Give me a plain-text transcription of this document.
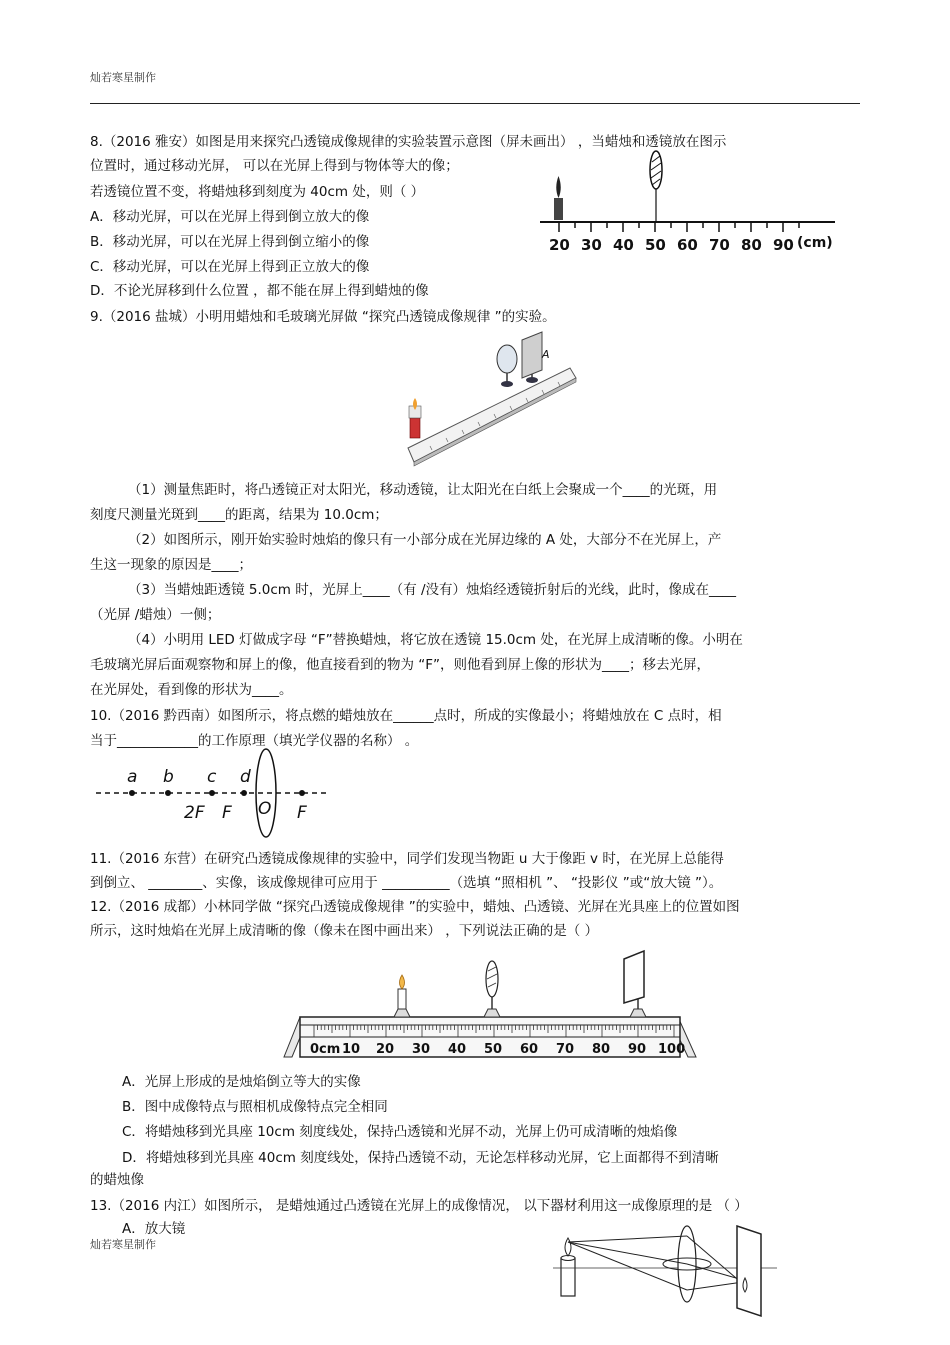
灿若寒星制作
8.（2016 雅安）如图是用来探究凸透镜成像规律的实验装置示意图（屏未画出） ，当蜡烛和透镜放在图示
位置时，通过移动光屏， 可以在光屏上得到与物体等大的像；
若透镜位置不变，将蜡烛移到刻度为 40cm 处，则（ ）
A．移动光屏，可以在光屏上得到倒立放大的像
B．移动光屏，可以在光屏上得到倒立缩小的像
C．移动光屏，可以在光屏上得到正立放大的像
D．不论光屏移到什么位置 ，都不能在屏上得到蜡烛的像
20 30 40 50 60 70 80 90 (cm)
9.（2016 盐城）小明用蜡烛和毛玻璃光屏做 “探究凸透镜成像规律 ”的实验。
A
（1）测量焦距时，将凸透镜正对太阳光，移动透镜，让太阳光在白纸上会聚成一个____的光斑，用
刻度尺测量光斑到____的距离，结果为 10.0cm；
（2）如图所示，刚开始实验时烛焰的像只有一小部分成在光屏边缘的 A 处，大部分不在光屏上，产
生这一现象的原因是____；
（3）当蜡烛距透镜 5.0cm 时，光屏上____（有 /没有）烛焰经透镜折射后的光线，此时，像成在____
（光屏 /蜡烛）一侧；
（4）小明用 LED 灯做成字母 “F”替换蜡烛，将它放在透镜 15.0cm 处，在光屏上成清晰的像。小明在
毛玻璃光屏后面观察物和屏上的像，他直接看到的物为 “F”，则他看到屏上像的形状为____；移去光屏，
在光屏处，看到像的形状为____。
10.（2016 黔西南）如图所示，将点燃的蜡烛放在______点时，所成的实像最小；将蜡烛放在 C 点时，相
当于____________的工作原理（填光学仪器的名称） 。
a b c d
2F F O F
11.（2016 东营）在研究凸透镜成像规律的实验中，同学们发现当物距 u 大于像距 v 时，在光屏上总能得
到倒立、 ________、实像，该成像规律可应用于 __________（选填 “照相机 ”、 “投影仪 ”或“放大镜 ”）。
12.（2016 成都）小林同学做 “探究凸透镜成像规律 ”的实验中，蜡烛、凸透镜、光屏在光具座上的位置如图
所示，这时烛焰在光屏上成清晰的像（像未在图中画出来） ，下列说法正确的是（ ）
0cm 10 20 30 40 50 60 70 80 90 100
A．光屏上形成的是烛焰倒立等大的实像
B．图中成像特点与照相机成像特点完全相同
C．将蜡烛移到光具座 10cm 刻度线处，保持凸透镜和光屏不动，光屏上仍可成清晰的烛焰像
D．将蜡烛移到光具座 40cm 刻度线处，保持凸透镜不动，无论怎样移动光屏，它上面都得不到清晰
的蜡烛像
13.（2016 内江）如图所示， 是蜡烛通过凸透镜在光屏上的成像情况， 以下器材利用这一成像原理的是 （ ）
A．放大镜
灿若寒星制作
